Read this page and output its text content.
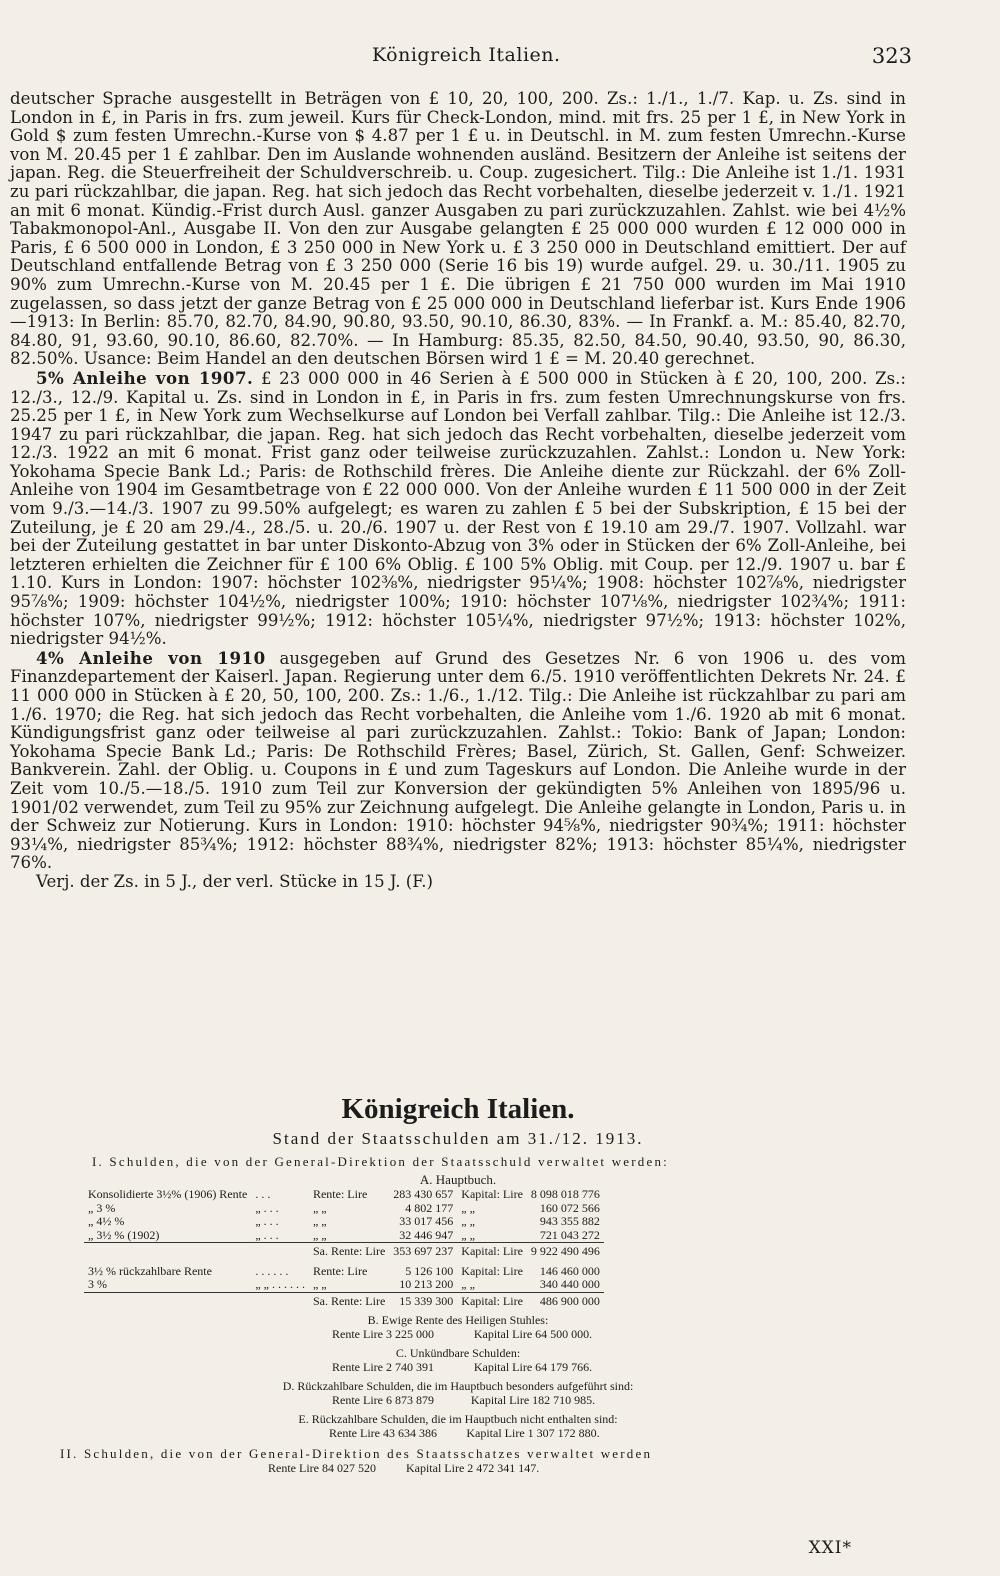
Königreich Italien.	323

deutscher Sprache ausgestellt in Beträgen von £ 10, 20, 100, 200. Zs.: 1./1., 1./7. Kap. u. Zs. sind in London in £, in Paris in frs. zum jeweil. Kurs für Check-London, mind. mit frs. 25 per 1 £, in New York in Gold $ zum festen Umrechn.-Kurse von $ 4.87 per 1 £ u. in Deutschl. in M. zum festen Umrechn.-Kurse von M. 20.45 per 1 £ zahlbar. Den im Auslande wohnenden ausländ. Besitzern der Anleihe ist seitens der japan. Reg. die Steuerfreiheit der Schuldverschreib. u. Coup. zugesichert. Tilg.: Die Anleihe ist 1./1. 1931 zu pari rückzahlbar, die japan. Reg. hat sich jedoch das Recht vorbehalten, dieselbe jederzeit v. 1./1. 1921 an mit 6 monat. Kündig.-Frist durch Ausl. ganzer Ausgaben zu pari zurückzuzahlen. Zahlst. wie bei 4½% Tabakmonopol-Anl., Ausgabe II. Von den zur Ausgabe gelangten £ 25 000 000 wurden £ 12 000 000 in Paris, £ 6 500 000 in London, £ 3 250 000 in New York u. £ 3 250 000 in Deutschland emittiert. Der auf Deutschland entfallende Betrag von £ 3 250 000 (Serie 16 bis 19) wurde aufgel. 29. u. 30./11. 1905 zu 90% zum Umrechn.-Kurse von M. 20.45 per 1 £. Die übrigen £ 21 750 000 wurden im Mai 1910 zugelassen, so dass jetzt der ganze Betrag von £ 25 000 000 in Deutschland lieferbar ist. Kurs Ende 1906—1913: In Berlin: 85.70, 82.70, 84.90, 90.80, 93.50, 90.10, 86.30, 83%. — In Frankf. a. M.: 85.40, 82.70, 84.80, 91, 93.60, 90.10, 86.60, 82.70%. — In Hamburg: 85.35, 82.50, 84.50, 90.40, 93.50, 90, 86.30, 82.50%. Usance: Beim Handel an den deutschen Börsen wird 1 £ = M. 20.40 gerechnet.

5% Anleihe von 1907. £ 23 000 000 in 46 Serien à £ 500 000 in Stücken à £ 20, 100, 200. Zs.: 12./3., 12./9. Kapital u. Zs. sind in London in £, in Paris in frs. zum festen Umrechnungskurse von frs. 25.25 per 1 £, in New York zum Wechselkurse auf London bei Verfall zahlbar. Tilg.: Die Anleihe ist 12./3. 1947 zu pari rückzahlbar, die japan. Reg. hat sich jedoch das Recht vorbehalten, dieselbe jederzeit vom 12./3. 1922 an mit 6 monat. Frist ganz oder teilweise zurückzuzahlen. Zahlst.: London u. New York: Yokohama Specie Bank Ld.; Paris: de Rothschild frères. Die Anleihe diente zur Rückzahl. der 6% Zoll-Anleihe von 1904 im Gesamtbetrage von £ 22 000 000. Von der Anleihe wurden £ 11 500 000 in der Zeit vom 9./3.—14./3. 1907 zu 99.50% aufgelegt; es waren zu zahlen £ 5 bei der Subskription, £ 15 bei der Zuteilung, je £ 20 am 29./4., 28./5. u. 20./6. 1907 u. der Rest von £ 19.10 am 29./7. 1907. Vollzahl. war bei der Zuteilung gestattet in bar unter Diskonto-Abzug von 3% oder in Stücken der 6% Zoll-Anleihe, bei letzteren erhielten die Zeichner für £ 100 6% Oblig. £ 100 5% Oblig. mit Coup. per 12./9. 1907 u. bar £ 1.10. Kurs in London: 1907: höchster 102⅜%, niedrigster 95¼%; 1908: höchster 102⅞%, niedrigster 95⅞%; 1909: höchster 104½%, niedrigster 100%; 1910: höchster 107⅛%, niedrigster 102¾%; 1911: höchster 107%, niedrigster 99½%; 1912: höchster 105¼%, niedrigster 97½%; 1913: höchster 102%, niedrigster 94½%.

4% Anleihe von 1910 ausgegeben auf Grund des Gesetzes Nr. 6 von 1906 u. des vom Finanzdepartement der Kaiserl. Japan. Regierung unter dem 6./5. 1910 veröffentlichten Dekrets Nr. 24. £ 11 000 000 in Stücken à £ 20, 50, 100, 200. Zs.: 1./6., 1./12. Tilg.: Die Anleihe ist rückzahlbar zu pari am 1./6. 1970; die Reg. hat sich jedoch das Recht vorbehalten, die Anleihe vom 1./6. 1920 ab mit 6 monat. Kündigungsfrist ganz oder teilweise al pari zurückzuzahlen. Zahlst.: Tokio: Bank of Japan; London: Yokohama Specie Bank Ld.; Paris: De Rothschild Frères; Basel, Zürich, St. Gallen, Genf: Schweizer. Bankverein. Zahl. der Oblig. u. Coupons in £ und zum Tageskurs auf London. Die Anleihe wurde in der Zeit vom 10./5.—18./5. 1910 zum Teil zur Konversion der gekündigten 5% Anleihen von 1895/96 u. 1901/02 verwendet, zum Teil zu 95% zur Zeichnung aufgelegt. Die Anleihe gelangte in London, Paris u. in der Schweiz zur Notierung. Kurs in London: 1910: höchster 94⅝%, niedrigster 90¾%; 1911: höchster 93¼%, niedrigster 85¾%; 1912: höchster 88¾%, niedrigster 82%; 1913: höchster 85¼%, niedrigster 76%.

Verj. der Zs. in 5 J., der verl. Stücke in 15 J. (F.)

Königreich Italien.

Stand der Staatsschulden am 31./12. 1913.

I. Schulden, die von der General-Direktion der Staatsschuld verwaltet werden:

A. Hauptbuch.

Konsolidierte 3½% (1906) Rente	. . .	Rente: Lire	283 430 657	Kapital: Lire	8 098 018 776
„ 3 %	„ . . .	„ „	4 802 177	„ „	160 072 566
„ 4½ %	„ . . .	„ „	33 017 456	„ „	943 355 882
„ 3½ % (1902)	„ . . .	„ „	32 446 947	„ „	721 043 272
		Sa. Rente: Lire	353 697 237	Kapital: Lire	9 922 490 496

3½ % rückzahlbare Rente	. . . . . .	Rente: Lire	5 126 100	Kapital: Lire	146 460 000
3 %	„ „ . . . . . .	„ „	10 213 200	„ „	340 440 000
		Sa. Rente: Lire	15 339 300	Kapital: Lire	486 900 000
B. Ewige Rente des Heiligen Stuhles:
Rente Lire 3 225 000	Kapital Lire 64 500 000.
C. Unkündbare Schulden:
Rente Lire 2 740 391	Kapital Lire 64 179 766.
D. Rückzahlbare Schulden, die im Hauptbuch besonders aufgeführt sind:
Rente Lire 6 873 879	Kapital Lire 182 710 985.
E. Rückzahlbare Schulden, die im Hauptbuch nicht enthalten sind:
Rente Lire 43 634 386 Kapital Lire 1 307 172 880.
II. Schulden, die von der General-Direktion des Staatsschatzes verwaltet werden
Rente Lire 84 027 520	Kapital Lire 2 472 341 147.
XXI*
